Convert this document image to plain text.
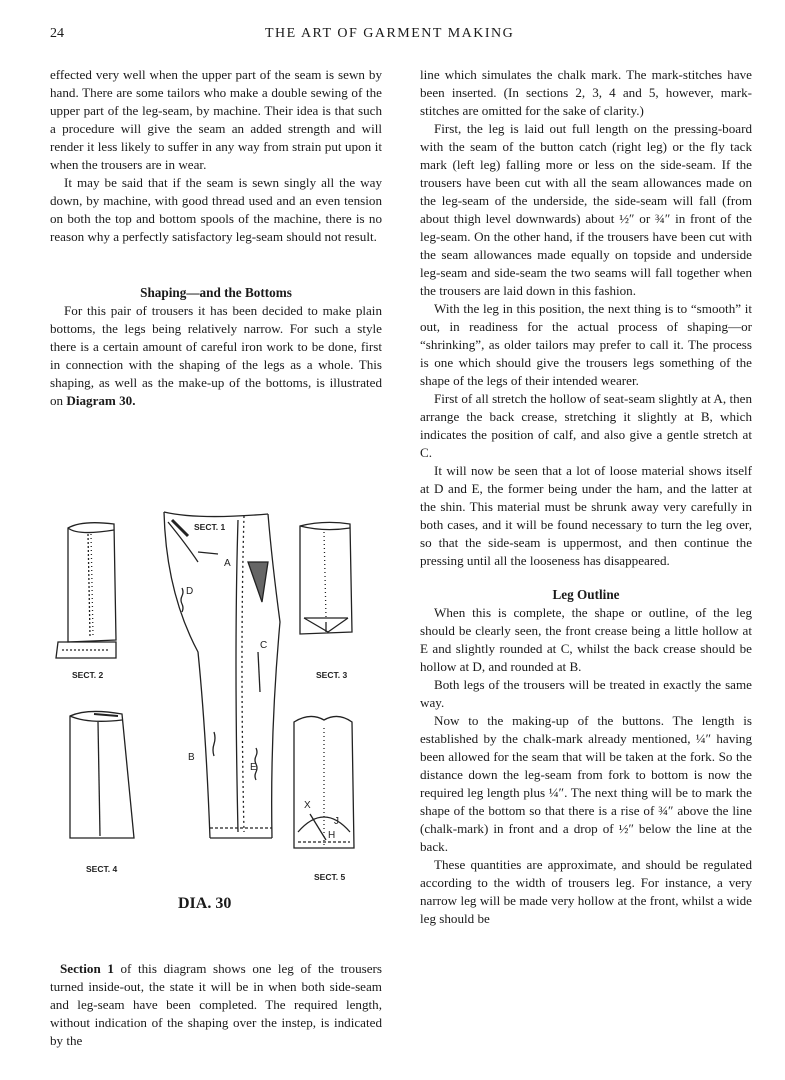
24	THE ART OF GARMENT MAKING

effected very well when the upper part of the seam is sewn by hand. There are some tailors who make a double sewing of the upper part of the leg-seam, by machine. Their idea is that such a procedure will give the seam an added strength and will render it less likely to suffer in any way from strain put upon it when the trousers are in wear.

It may be said that if the seam is sewn singly all the way down, by machine, with good thread used and an even tension on both the top and bottom spools of the machine, there is no reason why a perfectly satisfactory leg-seam should not result.

Shaping—and the Bottoms

For this pair of trousers it has been decided to make plain bottoms, the legs being relatively narrow. For such a style there is a certain amount of careful iron work to be done, first in connection with the shaping of the legs as a whole. This shaping, as well as the make-up of the bottoms, is illustrated on Diagram 30.

SECT. 1
SECT. 2	SECT. 3
SECT. 4
SECT. 5
A
B
C
D
E
X
J
H
DIA. 30

Section 1 of this diagram shows one leg of the trousers turned inside-out, the state it will be in when both side-seam and leg-seam have been completed. The required length, without indication of the shaping over the instep, is indicated by the

line which simulates the chalk mark. The mark-stitches have been inserted. (In sections 2, 3, 4 and 5, however, mark-stitches are omitted for the sake of clarity.)

First, the leg is laid out full length on the pressing-board with the seam of the button catch (right leg) or the fly tack mark (left leg) falling more or less on the side-seam. If the trousers have been cut with all the seam allowances made on the leg-seam of the underside, the side-seam will fall (from about thigh level downwards) about ½″ or ¾″ in front of the leg-seam. On the other hand, if the trousers have been cut with the seam allowances made equally on topside and underside leg-seam and side-seam the two seams will fall together when the trousers are laid down in this fashion.

With the leg in this position, the next thing is to “smooth” it out, in readiness for the actual process of shaping—or “shrinking”, as older tailors may prefer to call it. The process is one which should give the trousers legs something of the shape of the legs of their intended wearer.

First of all stretch the hollow of seat-seam slightly at A, then arrange the back crease, stretching it slightly at B, which indicates the position of calf, and also give a gentle stretch at C.

It will now be seen that a lot of loose material shows itself at D and E, the former being under the ham, and the latter at the shin. This material must be shrunk away very carefully in both cases, and it will be found necessary to turn the leg over, so that the side-seam is uppermost, and then continue the pressing until all the looseness has disappeared.

Leg Outline

When this is complete, the shape or outline, of the leg should be clearly seen, the front crease being a little hollow at E and slightly rounded at C, whilst the back crease should be hollow at D, and rounded at B.

Both legs of the trousers will be treated in exactly the same way.

Now to the making-up of the buttons. The length is established by the chalk-mark already mentioned, ¼″ having been allowed for the seam that will be taken at the fork. So the distance down the leg-seam from fork to bottom is now the required leg length plus ¼″. The next thing will be to mark the shape of the bottom so that there is a rise of ¾″ above the line (chalk-mark) in front and a drop of ½″ below the line at the back.

These quantities are approximate, and should be regulated according to the width of trousers leg. For instance, a very narrow leg will be made very hollow at the front, whilst a wide leg should be
